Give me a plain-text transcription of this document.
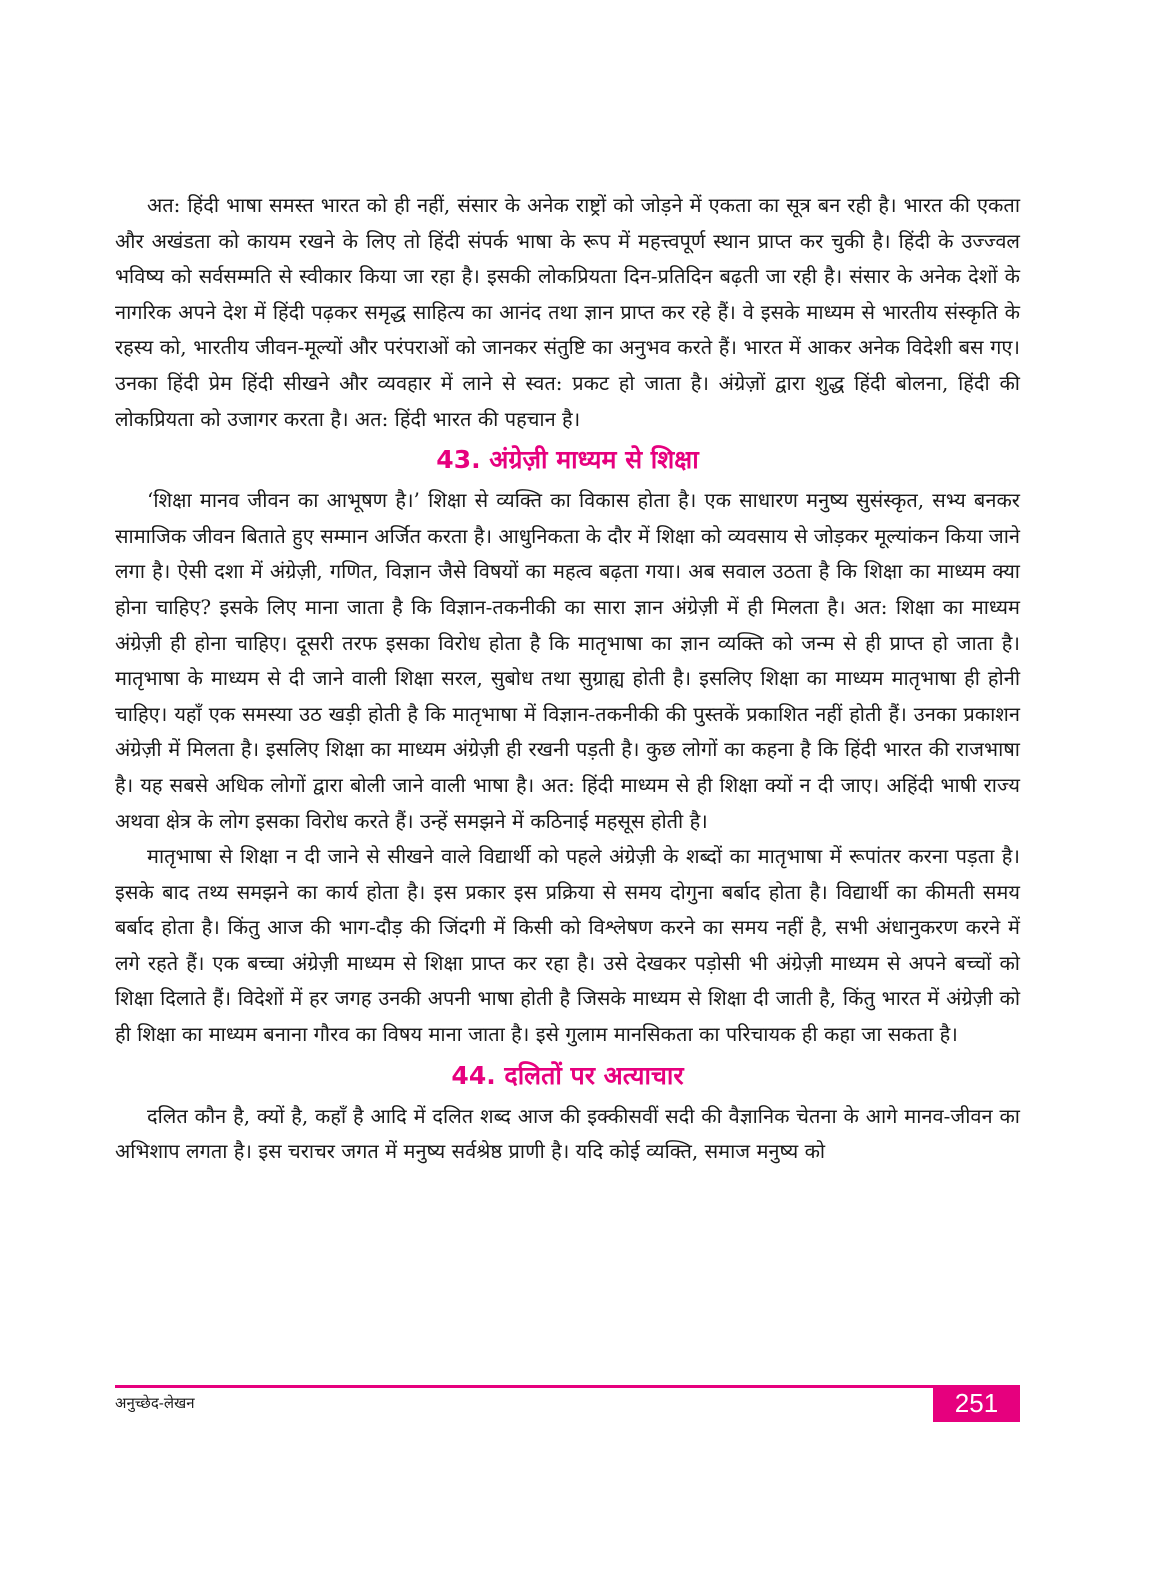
अत: हिंदी भाषा समस्त भारत को ही नहीं, संसार के अनेक राष्ट्रों को जोड़ने में एकता का सूत्र बन रही है। भारत की एकता और अखंडता को कायम रखने के लिए तो हिंदी संपर्क भाषा के रूप में महत्त्वपूर्ण स्थान प्राप्त कर चुकी है। हिंदी के उज्ज्वल भविष्य को सर्वसम्मति से स्वीकार किया जा रहा है। इसकी लोकप्रियता दिन-प्रतिदिन बढ़ती जा रही है। संसार के अनेक देशों के नागरिक अपने देश में हिंदी पढ़कर समृद्ध साहित्य का आनंद तथा ज्ञान प्राप्त कर रहे हैं। वे इसके माध्यम से भारतीय संस्कृति के रहस्य को, भारतीय जीवन-मूल्यों और परंपराओं को जानकर संतुष्टि का अनुभव करते हैं। भारत में आकर अनेक विदेशी बस गए। उनका हिंदी प्रेम हिंदी सीखने और व्यवहार में लाने से स्वत: प्रकट हो जाता है। अंग्रेज़ों द्वारा शुद्ध हिंदी बोलना, हिंदी की लोकप्रियता को उजागर करता है। अत: हिंदी भारत की पहचान है।

43. अंग्रेज़ी माध्यम से शिक्षा

‘शिक्षा मानव जीवन का आभूषण है।’ शिक्षा से व्यक्ति का विकास होता है। एक साधारण मनुष्य सुसंस्कृत, सभ्य बनकर सामाजिक जीवन बिताते हुए सम्मान अर्जित करता है। आधुनिकता के दौर में शिक्षा को व्यवसाय से जोड़कर मूल्यांकन किया जाने लगा है। ऐसी दशा में अंग्रेज़ी, गणित, विज्ञान जैसे विषयों का महत्व बढ़ता गया। अब सवाल उठता है कि शिक्षा का माध्यम क्या होना चाहिए? इसके लिए माना जाता है कि विज्ञान-तकनीकी का सारा ज्ञान अंग्रेज़ी में ही मिलता है। अत: शिक्षा का माध्यम अंग्रेज़ी ही होना चाहिए। दूसरी तरफ इसका विरोध होता है कि मातृभाषा का ज्ञान व्यक्ति को जन्म से ही प्राप्त हो जाता है। मातृभाषा के माध्यम से दी जाने वाली शिक्षा सरल, सुबोध तथा सुग्राह्य होती है। इसलिए शिक्षा का माध्यम मातृभाषा ही होनी चाहिए। यहाँ एक समस्या उठ खड़ी होती है कि मातृभाषा में विज्ञान-तकनीकी की पुस्तकें प्रकाशित नहीं होती हैं। उनका प्रकाशन अंग्रेज़ी में मिलता है। इसलिए शिक्षा का माध्यम अंग्रेज़ी ही रखनी पड़ती है। कुछ लोगों का कहना है कि हिंदी भारत की राजभाषा है। यह सबसे अधिक लोगों द्वारा बोली जाने वाली भाषा है। अत: हिंदी माध्यम से ही शिक्षा क्यों न दी जाए। अहिंदी भाषी राज्य अथवा क्षेत्र के लोग इसका विरोध करते हैं। उन्हें समझने में कठिनाई महसूस होती है।

मातृभाषा से शिक्षा न दी जाने से सीखने वाले विद्यार्थी को पहले अंग्रेज़ी के शब्दों का मातृभाषा में रूपांतर करना पड़ता है। इसके बाद तथ्य समझने का कार्य होता है। इस प्रकार इस प्रक्रिया से समय दोगुना बर्बाद होता है। विद्यार्थी का कीमती समय बर्बाद होता है। किंतु आज की भाग-दौड़ की जिंदगी में किसी को विश्लेषण करने का समय नहीं है, सभी अंधानुकरण करने में लगे रहते हैं। एक बच्चा अंग्रेज़ी माध्यम से शिक्षा प्राप्त कर रहा है। उसे देखकर पड़ोसी भी अंग्रेज़ी माध्यम से अपने बच्चों को शिक्षा दिलाते हैं। विदेशों में हर जगह उनकी अपनी भाषा होती है जिसके माध्यम से शिक्षा दी जाती है, किंतु भारत में अंग्रेज़ी को ही शिक्षा का माध्यम बनाना गौरव का विषय माना जाता है। इसे गुलाम मानसिकता का परिचायक ही कहा जा सकता है।

44. दलितों पर अत्याचार

दलित कौन है, क्यों है, कहाँ है आदि में दलित शब्द आज की इक्कीसवीं सदी की वैज्ञानिक चेतना के आगे मानव-जीवन का अभिशाप लगता है। इस चराचर जगत में मनुष्य सर्वश्रेष्ठ प्राणी है। यदि कोई व्यक्ति, समाज मनुष्य को

अनुच्छेद-लेखन	251
